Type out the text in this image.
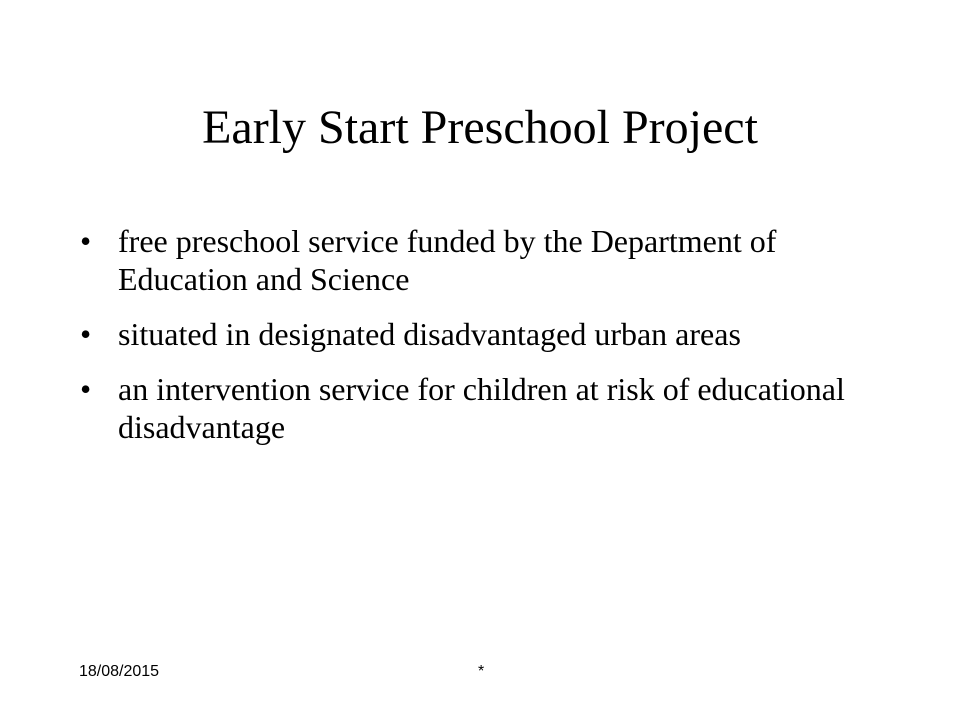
Early Start Preschool Project
• free preschool service funded by the Department of Education and Science
• situated in designated disadvantaged urban areas
• an intervention service for children at risk of educational disadvantage
18/08/2015	*
